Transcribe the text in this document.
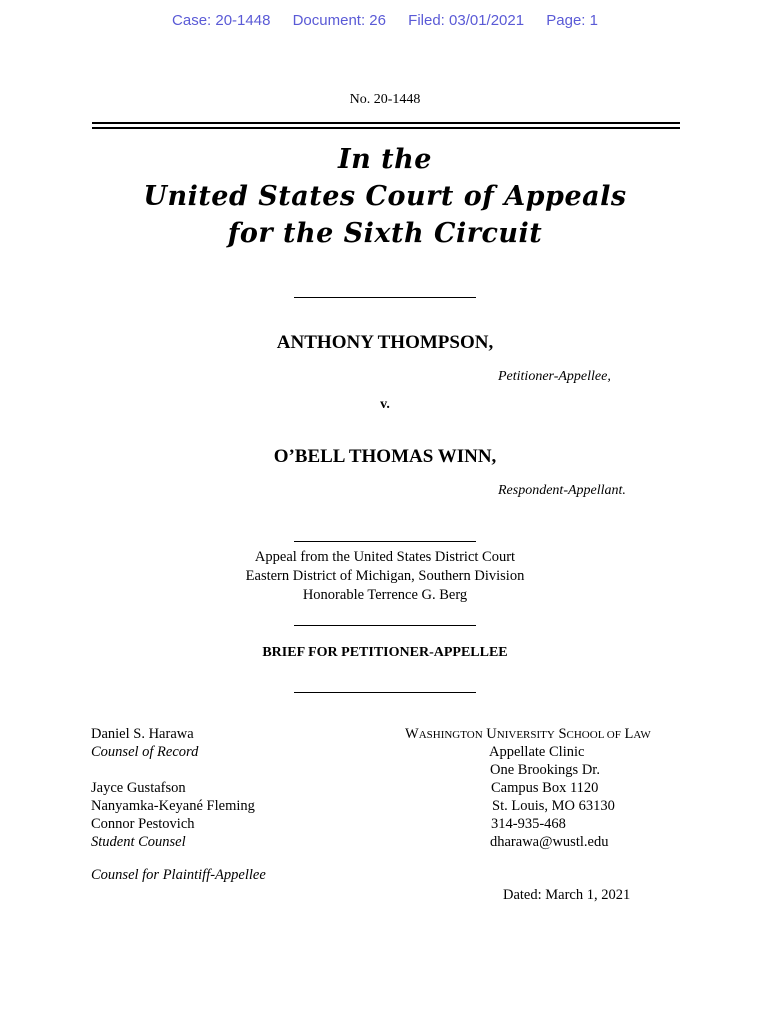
Case: 20-1448 Document: 26 Filed: 03/01/2021 Page: 1
No. 20-1448
In the
United States Court of Appeals
for the Sixth Circuit
ANTHONY THOMPSON,
Petitioner-Appellee,
v.
O’BELL THOMAS WINN,
Respondent-Appellant.
Appeal from the United States District Court
Eastern District of Michigan, Southern Division
Honorable Terrence G. Berg
BRIEF FOR PETITIONER-APPELLEE
Daniel S. Harawa
Counsel of Record
Jayce Gustafson
Nanyamka-Keyané Fleming
Connor Pestovich
Student Counsel
Counsel for Plaintiff-Appellee
WASHINGTON UNIVERSITY SCHOOL OF LAW
Appellate Clinic
One Brookings Dr.
Campus Box 1120
St. Louis, MO 63130
314-935-468
dharawa@wustl.edu
Dated: March 1, 2021
